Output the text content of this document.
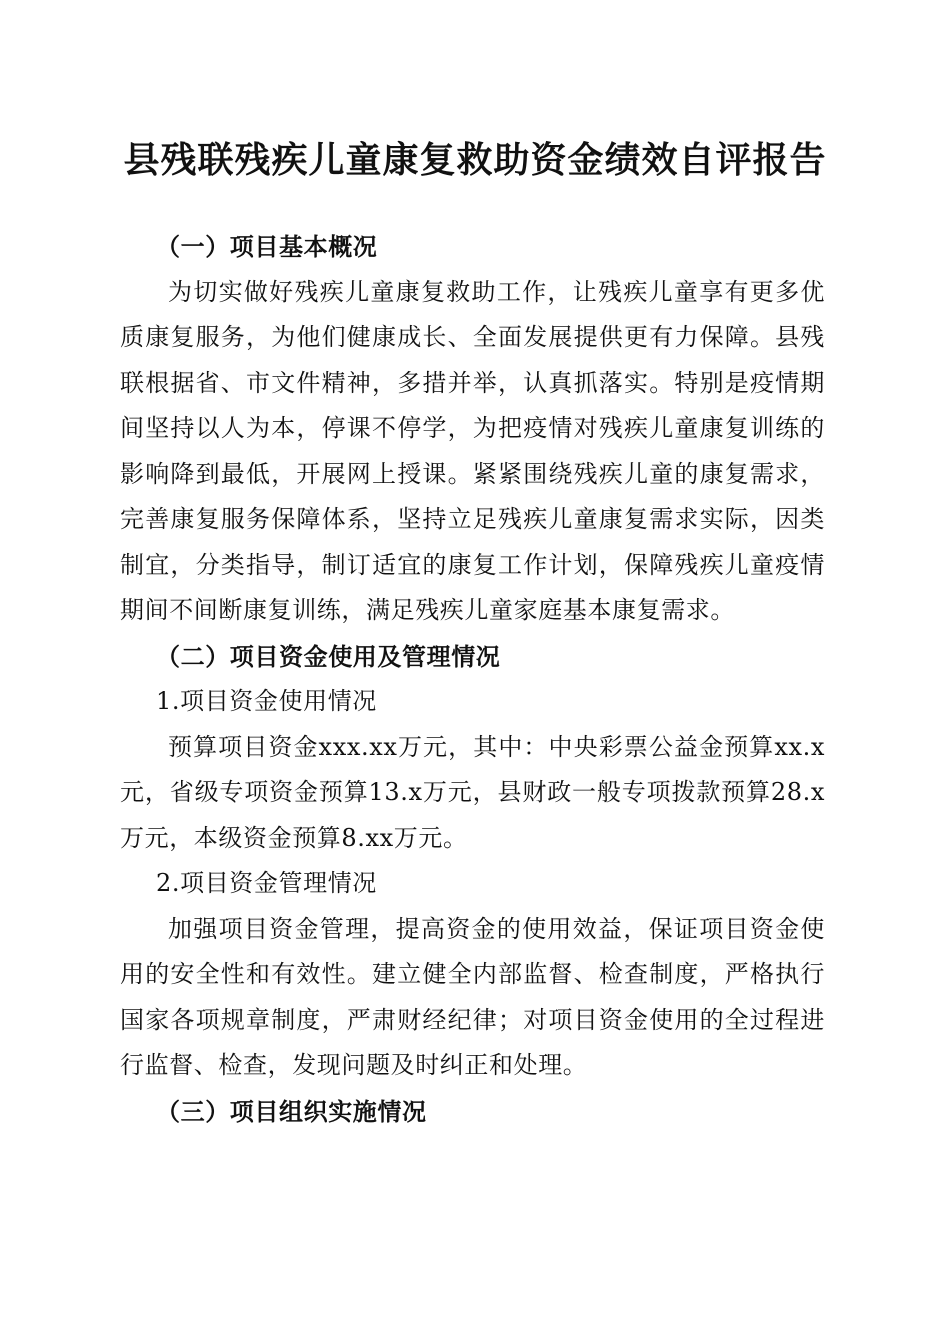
县残联残疾儿童康复救助资金绩效自评报告

（一）项目基本概况

为切实做好残疾儿童康复救助工作，让残疾儿童享有更多优质康复服务，为他们健康成长、全面发展提供更有力保障。县残联根据省、市文件精神，多措并举，认真抓落实。特别是疫情期间坚持以人为本，停课不停学，为把疫情对残疾儿童康复训练的影响降到最低，开展网上授课。紧紧围绕残疾儿童的康复需求，完善康复服务保障体系，坚持立足残疾儿童康复需求实际，因类制宜，分类指导，制订适宜的康复工作计划，保障残疾儿童疫情期间不间断康复训练，满足残疾儿童家庭基本康复需求。

（二）项目资金使用及管理情况

1.项目资金使用情况

预算项目资金xxx.xx万元，其中：中央彩票公益金预算xx.x元，省级专项资金预算13.x万元，县财政一般专项拨款预算28.x万元，本级资金预算8.xx万元。

2.项目资金管理情况

加强项目资金管理，提高资金的使用效益，保证项目资金使用的安全性和有效性。建立健全内部监督、检查制度，严格执行国家各项规章制度，严肃财经纪律；对项目资金使用的全过程进行监督、检查，发现问题及时纠正和处理。

（三）项目组织实施情况
